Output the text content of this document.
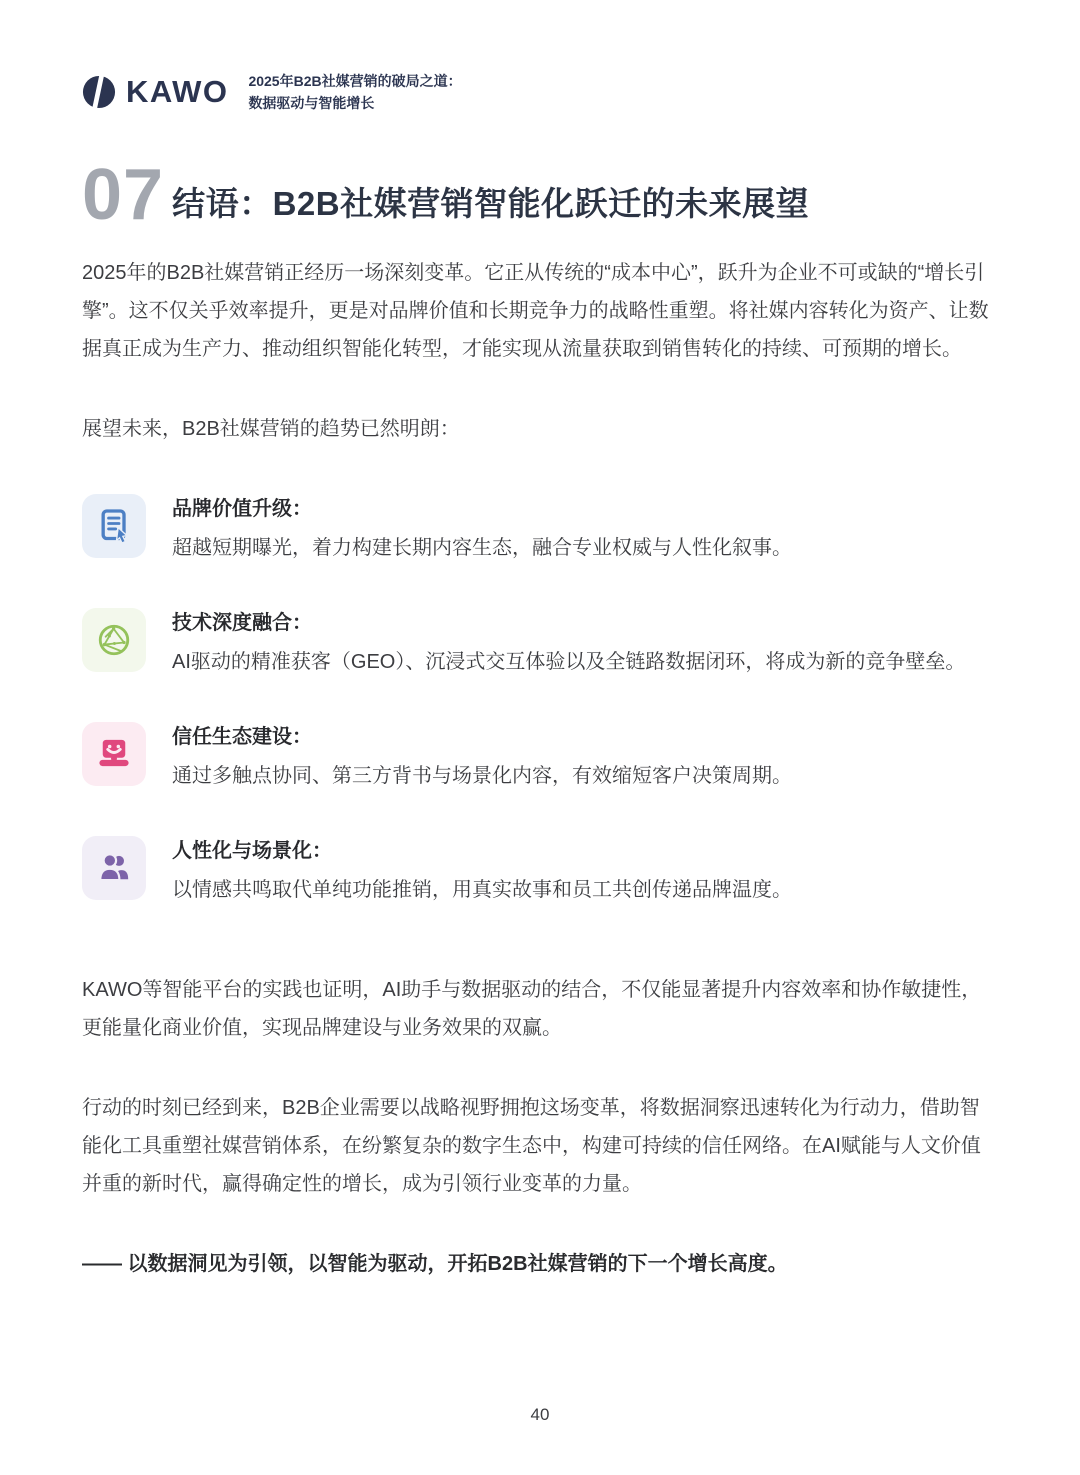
KAWO 2025年B2B社媒营销的破局之道：
数据驱动与智能增长
07 结语：B2B社媒营销智能化跃迁的未来展望

2025年的B2B社媒营销正经历一场深刻变革。它正从传统的“成本中心”，跃升为企业不可或缺的“增长引擎”。这不仅关乎效率提升，更是对品牌价值和长期竞争力的战略性重塑。将社媒内容转化为资产、让数据真正成为生产力、推动组织智能化转型，才能实现从流量获取到销售转化的持续、可预期的增长。

展望未来，B2B社媒营销的趋势已然明朗：

品牌价值升级：
超越短期曝光，着力构建长期内容生态，融合专业权威与人性化叙事。
技术深度融合：
AI驱动的精准获客（GEO）、沉浸式交互体验以及全链路数据闭环，将成为新的竞争壁垒。
信任生态建设：
通过多触点协同、第三方背书与场景化内容，有效缩短客户决策周期。
人性化与场景化：
以情感共鸣取代单纯功能推销，用真实故事和员工共创传递品牌温度。

KAWO等智能平台的实践也证明，AI助手与数据驱动的结合，不仅能显著提升内容效率和协作敏捷性，更能量化商业价值，实现品牌建设与业务效果的双赢。

行动的时刻已经到来，B2B企业需要以战略视野拥抱这场变革，将数据洞察迅速转化为行动力，借助智能化工具重塑社媒营销体系，在纷繁复杂的数字生态中，构建可持续的信任网络。在AI赋能与人文价值并重的新时代，赢得确定性的增长，成为引领行业变革的力量。

—— 以数据洞见为引领，以智能为驱动，开拓B2B社媒营销的下一个增长高度。

40
